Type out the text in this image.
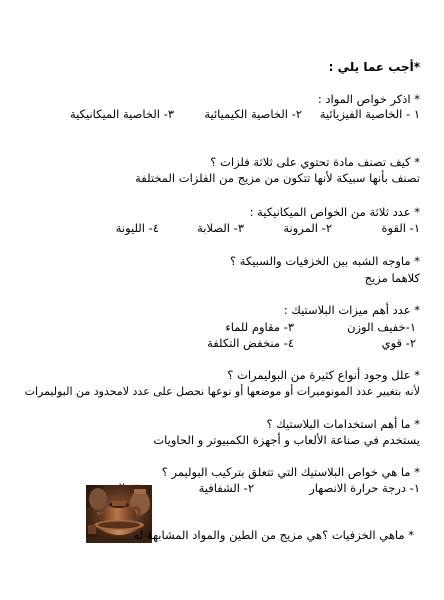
*أجب عما يلي :
* اذكر خواص المواد :
١ - الخاصية الفيزيائية
٢- الخاصية الكيميائية
٣- الخاصية الميكانيكية
* كيف تصنف مادة تحتوي على ثلاثة فلزات ؟
تصنف بأنها سبيكة لأنها تتكون من مزيج من الفلزات المختلفة
* عدد ثلاثة من الخواص الميكانيكية :
١- القوة
٢- المرونة
٣- الصلابة
٤- الليونة
* ماوجه الشبه بين الخزفيات والسبيكة ؟
كلاهما مزيج
* عدد أهم ميزات البلاستيك :
١-خفيف الوزن
٣- مقاوم للماء
٢- قوي
٤- منخفض التكلفة
* علل وجود أنواع كثيرة من البوليمرات ؟
لأنه بتغيير عدد المونوميرات أو موضعها أو نوعها نحصل على عدد لامحدود من البوليمرات
* ما أهم استخدامات البلاستيك ؟
يستخدم في صناعة الألعاب و أجهزة الكمبيوتر و الحاويات
* ما هي خواص البلاستيك التي تتعلق بتركيب البوليمر ؟
١- درجة حرارة الانصهار
٢- الشفافية
* ماهي الخزفيات ؟هي مزيج من الطين والمواد المشابهة له
